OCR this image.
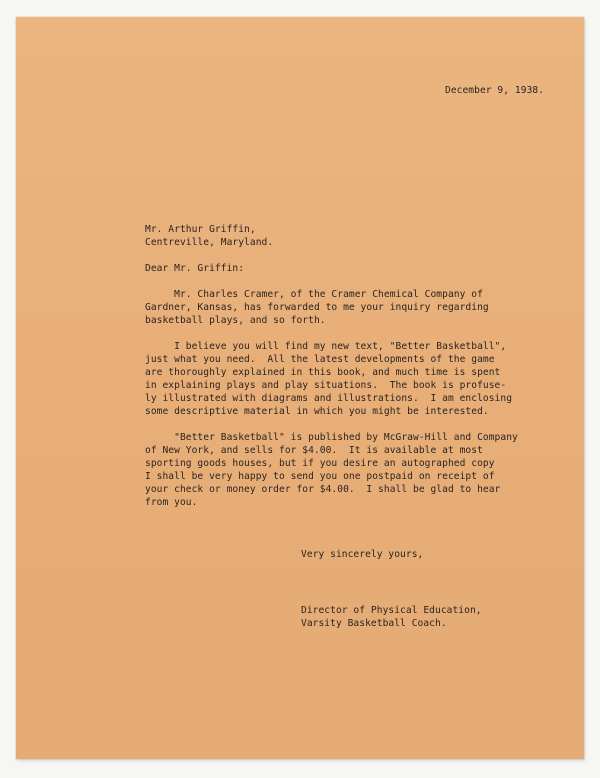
December 9, 1938.
Mr. Arthur Griffin,
Centreville, Maryland.
Dear Mr. Griffin:
Mr. Charles Cramer, of the Cramer Chemical Company of
Gardner, Kansas, has forwarded to me your inquiry regarding
basketball plays, and so forth.
I believe you will find my new text, "Better Basketball",
just what you need.  All the latest developments of the game
are thoroughly explained in this book, and much time is spent
in explaining plays and play situations.  The book is profuse-
ly illustrated with diagrams and illustrations.  I am enclosing
some descriptive material in which you might be interested.
"Better Basketball" is published by McGraw-Hill and Company
of New York, and sells for $4.00.  It is available at most
sporting goods houses, but if you desire an autographed copy
I shall be very happy to send you one postpaid on receipt of
your check or money order for $4.00.  I shall be glad to hear
from you.
Very sincerely yours,
Director of Physical Education,
Varsity Basketball Coach.
